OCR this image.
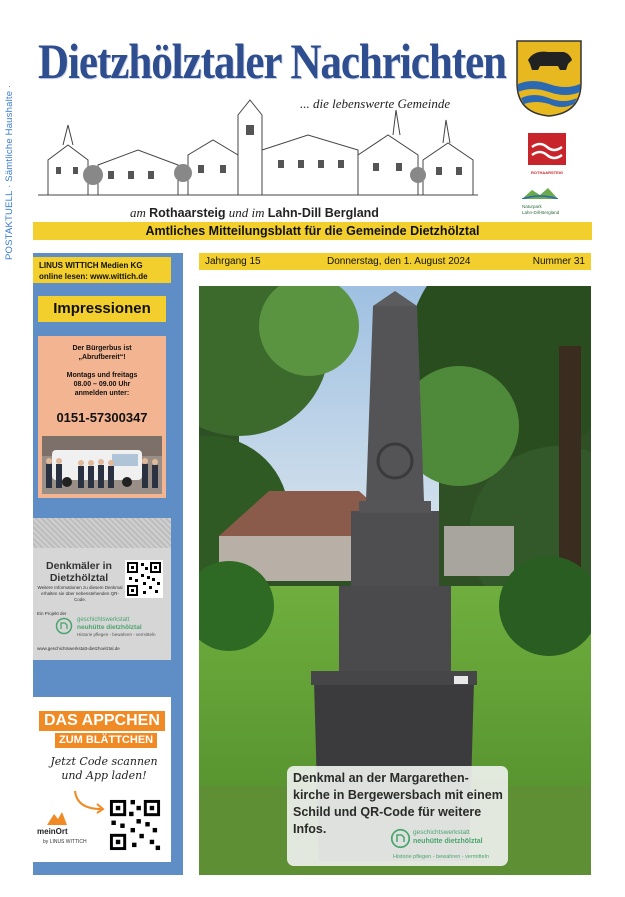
POSTAKTUELL · Sämtliche Haushalte ·
Dietzhölztaler Nachrichten
... die lebenswerte Gemeinde
am Rothaarsteig und im Lahn-Dill Bergland
Amtliches Mitteilungsblatt für die Gemeinde Dietzhölztal
ROTHAARSTEIG
Naturpark
Lahn-Dill-Bergland
LINUS WITTICH Medien KG
online lesen: www.wittich.de
Impressionen
Der Bürgerbus ist
„Abrufbereit“!
Montags und freitags
08.00 – 09.00 Uhr
anmelden unter:
0151-57300347
Denkmäler in Dietzhölztal
Weitere Informationen zu diesem Denkmal erhalten sie über nebenstehenden QR-Code.
Ein Projekt der
geschichtswerkstatt
neuhütte dietzhölztal
Historie pflegen - bewahren - vermitteln
www.geschichtswerkstatt-dietzhoelztal.de
DAS APPCHEN
ZUM BLÄTTCHEN
Jetzt Code scannen
und App laden!
meinOrt
by LINUS WITTICH
Jahrgang 15	Donnerstag, den 1. August 2024	Nummer 31
Denkmal an der Margarethen-kirche in Bergewersbach mit einem Schild und QR-Code für weitere Infos.	geschichtswerkstatt
neuhütte dietzhölztal
Historie pflegen - bewahren - vermitteln
